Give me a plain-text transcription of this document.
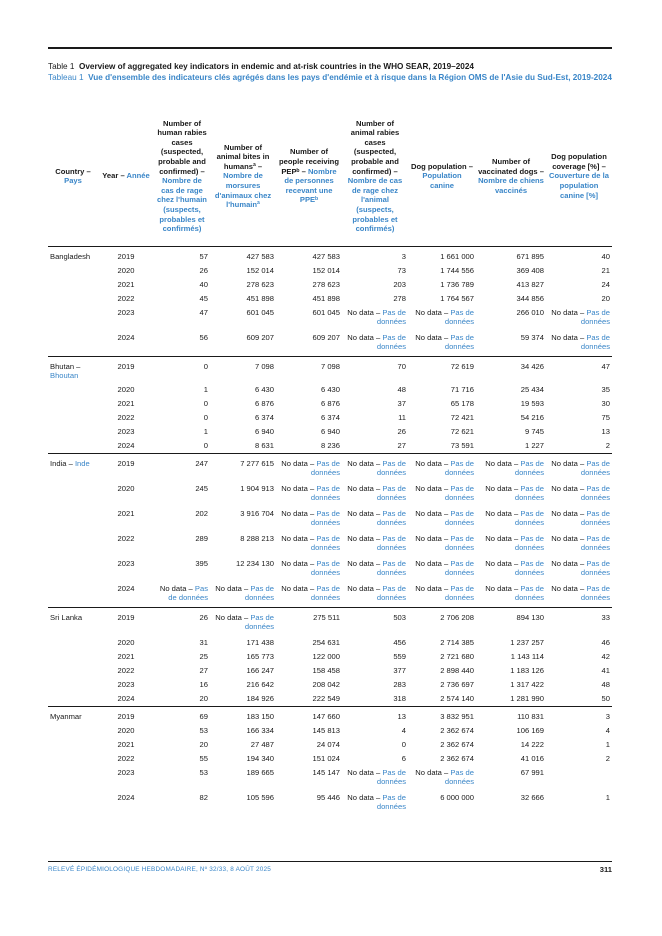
Table 1 Overview of aggregated key indicators in endemic and at-risk countries in the WHO SEAR, 2019–2024
Tableau 1 Vue d'ensemble des indicateurs clés agrégés dans les pays d'endémie et à risque dans la Région OMS de l'Asie du Sud-Est, 2019-2024
Country – Pays	Year – Année	Number of human rabies cases (suspected, probable and confirmed) – Nombre de cas de rage chez l'humain (suspects, probables et confirmés)	Number of animal bites in humansª – Nombre de morsures d'animaux chez l'humainª	Number of people receiving PEPᵇ – Nombre de personnes recevant une PPEᵇ	Number of animal rabies cases (suspected, probable and confirmed) – Nombre de cas de rage chez l'animal (suspects, probables et confirmés)	Dog population – Population canine	Number of vaccinated dogs – Nombre de chiens vaccinés	Dog population coverage [%] – Couverture de la population canine [%]
Bangladesh	2019	57	427 583	427 583	3	1 661 000	671 895	40
	2020	26	152 014	152 014	73	1 744 556	369 408	21
	2021	40	278 623	278 623	203	1 736 789	413 827	24
	2022	45	451 898	451 898	278	1 764 567	344 856	20
	2023	47	601 045	601 045	No data – Pas de données	No data – Pas de données	266 010	No data – Pas de données
	2024	56	609 207	609 207	No data – Pas de données	No data – Pas de données	59 374	No data – Pas de données
Bhutan – Bhoutan	2019	0	7 098	7 098	70	72 619	34 426	47
	2020	1	6 430	6 430	48	71 716	25 434	35
	2021	0	6 876	6 876	37	65 178	19 593	30
	2022	0	6 374	6 374	11	72 421	54 216	75
	2023	1	6 940	6 940	26	72 621	9 745	13
	2024	0	8 631	8 236	27	73 591	1 227	2
India – Inde	2019	247	7 277 615	No data – Pas de données	No data – Pas de données	No data – Pas de données	No data – Pas de données	No data – Pas de données
	2020	245	1 904 913	No data – Pas de données	No data – Pas de données	No data – Pas de données	No data – Pas de données	No data – Pas de données
	2021	202	3 916 704	No data – Pas de données	No data – Pas de données	No data – Pas de données	No data – Pas de données	No data – Pas de données
	2022	289	8 288 213	No data – Pas de données	No data – Pas de données	No data – Pas de données	No data – Pas de données	No data – Pas de données
	2023	395	12 234 130	No data – Pas de données	No data – Pas de données	No data – Pas de données	No data – Pas de données	No data – Pas de données
	2024	No data – Pas de données	No data – Pas de données	No data – Pas de données	No data – Pas de données	No data – Pas de données	No data – Pas de données	No data – Pas de données
Sri Lanka	2019	26	No data – Pas de données	275 511	503	2 706 208	894 130	33
	2020	31	171 438	254 631	456	2 714 385	1 237 257	46
	2021	25	165 773	122 000	559	2 721 680	1 143 114	42
	2022	27	166 247	158 458	377	2 898 440	1 183 126	41
	2023	16	216 642	208 042	283	2 736 697	1 317 422	48
	2024	20	184 926	222 549	318	2 574 140	1 281 990	50
Myanmar	2019	69	183 150	147 660	13	3 832 951	110 831	3
	2020	53	166 334	145 813	4	2 362 674	106 169	4
	2021	20	27 487	24 074	0	2 362 674	14 222	1
	2022	55	194 340	151 024	6	2 362 674	41 016	2
	2023	53	189 665	145 147	No data – Pas de données	No data – Pas de données	67 991	
	2024	82	105 596	95 446	No data – Pas de données	6 000 000	32 666	1
RELEVÉ ÉPIDÉMIOLOGIQUE HEBDOMADAIRE, Nº 32/33, 8 AOÛT 2025	311
